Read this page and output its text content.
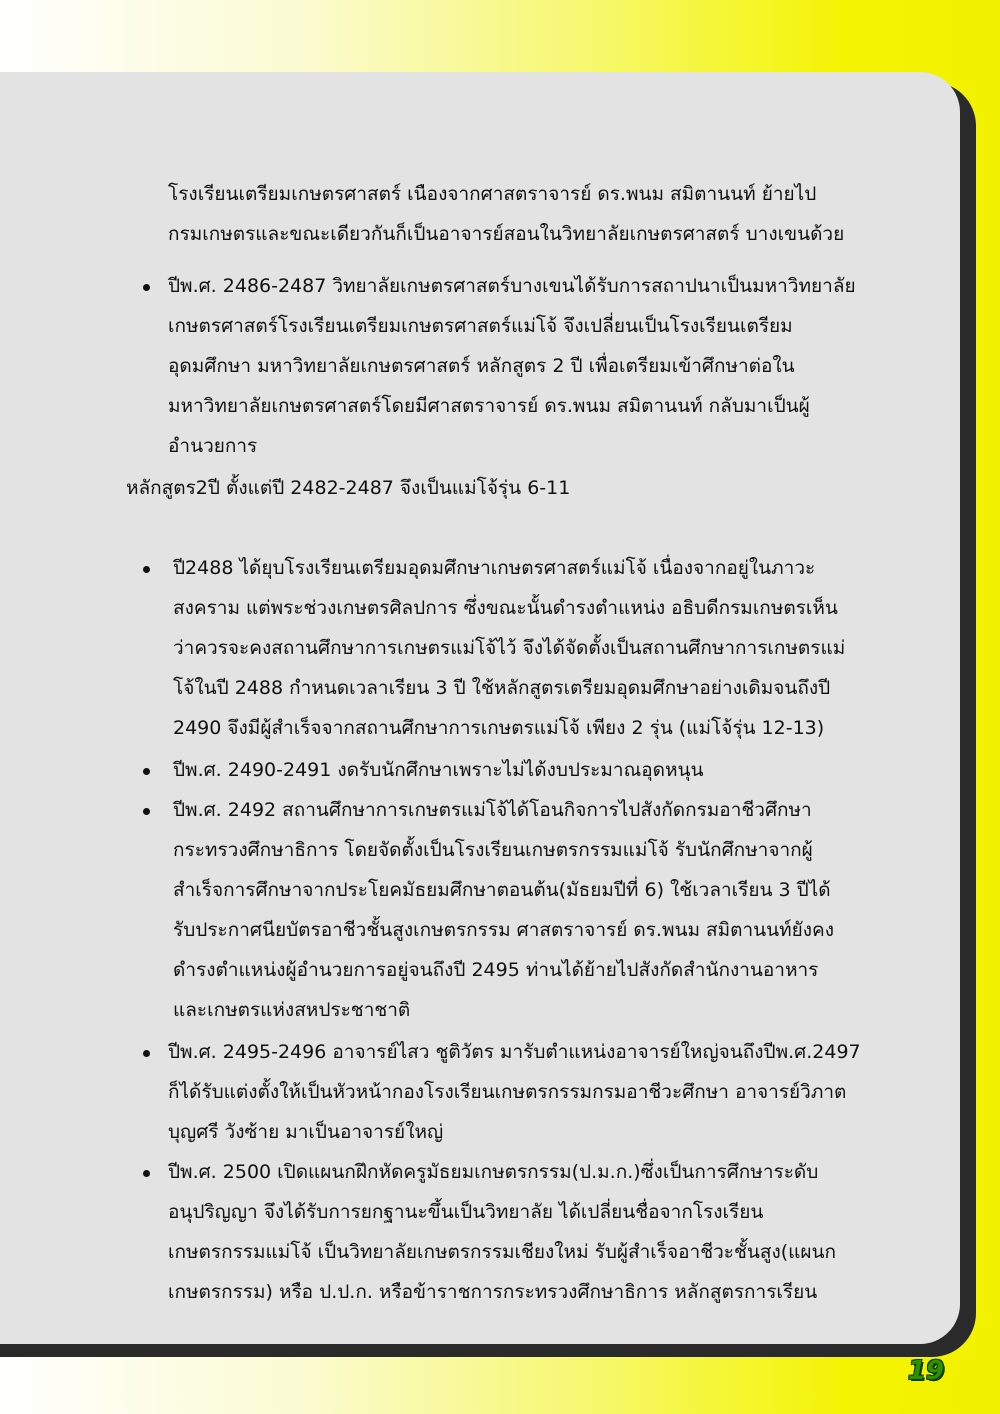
โรงเรียนเตรียมเกษตรศาสตร์ เนืองจากศาสตราจารย์ ดร.พนม สมิตานนท์ ย้ายไป
กรมเกษตรและขณะเดียวกันก็เป็นอาจารย์สอนในวิทยาลัยเกษตรศาสตร์ บางเขนด้วย
ปีพ.ศ. 2486-2487 วิทยาลัยเกษตรศาสตร์บางเขนได้รับการสถาปนาเป็นมหาวิทยาลัย
เกษตรศาสตร์โรงเรียนเตรียมเกษตรศาสตร์แม่โจ้ จึงเปลี่ยนเป็นโรงเรียนเตรียม
อุดมศึกษา มหาวิทยาลัยเกษตรศาสตร์ หลักสูตร 2 ปี เพื่อเตรียมเข้าศึกษาต่อใน
มหาวิทยาลัยเกษตรศาสตร์โดยมีศาสตราจารย์ ดร.พนม สมิตานนท์ กลับมาเป็นผู้
อำนวยการ
หลักสูตร2ปี ตั้งแต่ปี 2482-2487 จึงเป็นแม่โจ้รุ่น 6-11
ปี2488 ได้ยุบโรงเรียนเตรียมอุดมศึกษาเกษตรศาสตร์แม่โจ้ เนื่องจากอยู่ในภาวะ
สงคราม แต่พระช่วงเกษตรศิลปการ ซึ่งขณะนั้นดำรงตำแหน่ง อธิบดีกรมเกษตรเห็น
ว่าควรจะคงสถานศึกษาการเกษตรแม่โจ้ไว้ จึงได้จัดตั้งเป็นสถานศึกษาการเกษตรแม่
โจ้ในปี 2488 กำหนดเวลาเรียน 3 ปี ใช้หลักสูตรเตรียมอุดมศึกษาอย่างเดิมจนถึงปี
2490 จึงมีผู้สำเร็จจากสถานศึกษาการเกษตรแม่โจ้ เพียง 2 รุ่น (แม่โจ้รุ่น 12-13)
ปีพ.ศ. 2490-2491 งดรับนักศึกษาเพราะไม่ได้งบประมาณอุดหนุน
ปีพ.ศ. 2492 สถานศึกษาการเกษตรแม่โจ้ได้โอนกิจการไปสังกัดกรมอาชีวศึกษา
กระทรวงศึกษาธิการ โดยจัดตั้งเป็นโรงเรียนเกษตรกรรมแม่โจ้ รับนักศึกษาจากผู้
สำเร็จการศึกษาจากประโยคมัธยมศึกษาตอนต้น(มัธยมปีที่ 6) ใช้เวลาเรียน 3 ปีได้
รับประกาศนียบัตรอาชีวชั้นสูงเกษตรกรรม ศาสตราจารย์ ดร.พนม สมิตานนท์ยังคง
ดำรงตำแหน่งผู้อำนวยการอยู่จนถึงปี 2495 ท่านได้ย้ายไปสังกัดสำนักงานอาหาร
และเกษตรแห่งสหประชาชาติ
ปีพ.ศ. 2495-2496 อาจารย์ไสว ชูติวัตร มารับตำแหน่งอาจารย์ใหญ่จนถึงปีพ.ศ.2497
ก็ได้รับแต่งตั้งให้เป็นหัวหน้ากองโรงเรียนเกษตรกรรมกรมอาชีวะศึกษา อาจารย์วิภาต
บุญศรี วังซ้าย มาเป็นอาจารย์ใหญ่
ปีพ.ศ. 2500 เปิดแผนกฝึกหัดครูมัธยมเกษตรกรรม(ป.ม.ก.)ซึ่งเป็นการศึกษาระดับ
อนุปริญญา จึงได้รับการยกฐานะขึ้นเป็นวิทยาลัย ได้เปลี่ยนชื่อจากโรงเรียน
เกษตรกรรมแม่โจ้ เป็นวิทยาลัยเกษตรกรรมเชียงใหม่ รับผู้สำเร็จอาชีวะชั้นสูง(แผนก
เกษตรกรรม) หรือ ป.ป.ก. หรือข้าราชการกระทรวงศึกษาธิการ หลักสูตรการเรียน
19
